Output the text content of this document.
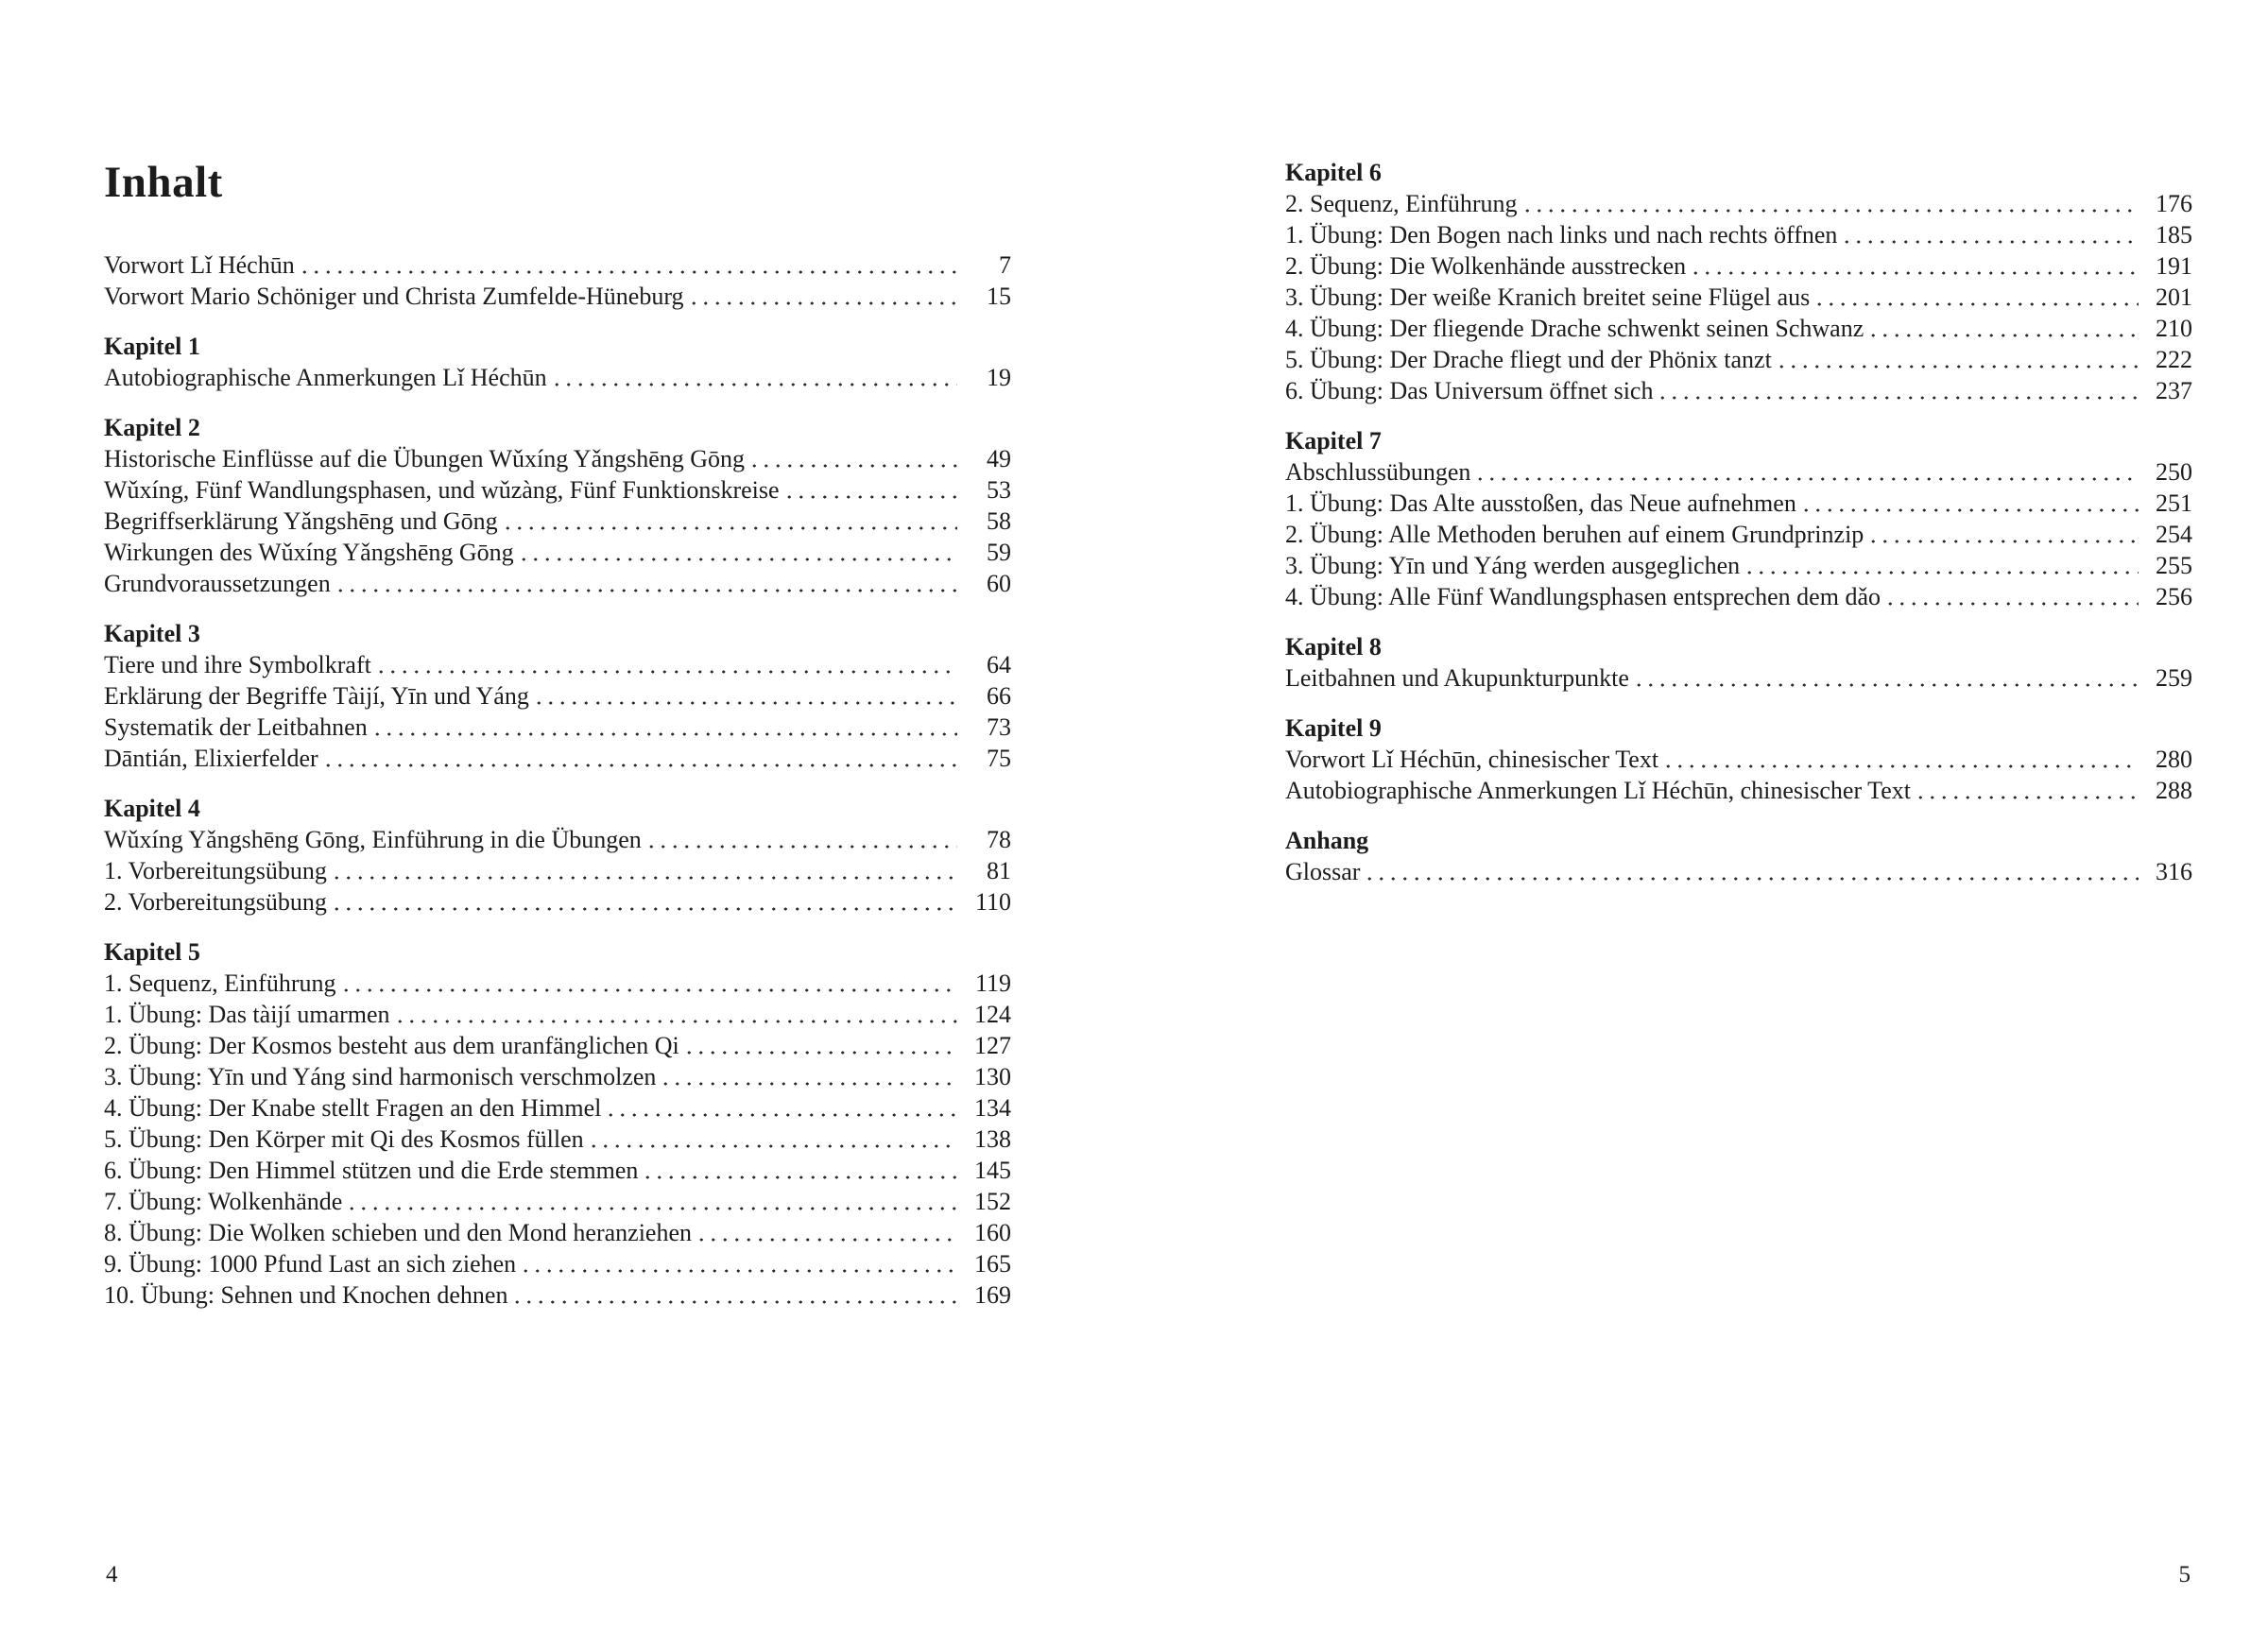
Inhalt
Vorwort Lǐ Héchūn	7
Vorwort Mario Schöniger und Christa Zumfelde-Hüneburg	15
Kapitel 1
Autobiographische Anmerkungen Lǐ Héchūn	19
Kapitel 2
Historische Einflüsse auf die Übungen Wǔxíng Yǎngshēng Gōng	49
Wǔxíng, Fünf Wandlungsphasen, und wǔzàng, Fünf Funktionskreise	53
Begriffserklärung Yǎngshēng und Gōng	58
Wirkungen des Wǔxíng Yǎngshēng Gōng	59
Grundvoraussetzungen	60
Kapitel 3
Tiere und ihre Symbolkraft	64
Erklärung der Begriffe Tàijí, Yīn und Yáng	66
Systematik der Leitbahnen	73
Dāntián, Elixierfelder	75
Kapitel 4
Wǔxíng Yǎngshēng Gōng, Einführung in die Übungen	78
1. Vorbereitungsübung	81
2. Vorbereitungsübung	110
Kapitel 5
1. Sequenz, Einführung	119
1. Übung: Das tàijí umarmen	124
2. Übung: Der Kosmos besteht aus dem uranfänglichen Qi	127
3. Übung: Yīn und Yáng sind harmonisch verschmolzen	130
4. Übung: Der Knabe stellt Fragen an den Himmel	134
5. Übung: Den Körper mit Qi des Kosmos füllen	138
6. Übung: Den Himmel stützen und die Erde stemmen	145
7. Übung: Wolkenhände	152
8. Übung: Die Wolken schieben und den Mond heranziehen	160
9. Übung: 1000 Pfund Last an sich ziehen	165
10. Übung: Sehnen und Knochen dehnen	169
Kapitel 6
2. Sequenz, Einführung	176
1. Übung: Den Bogen nach links und nach rechts öffnen	185
2. Übung: Die Wolkenhände ausstrecken	191
3. Übung: Der weiße Kranich breitet seine Flügel aus	201
4. Übung: Der fliegende Drache schwenkt seinen Schwanz	210
5. Übung: Der Drache fliegt und der Phönix tanzt	222
6. Übung: Das Universum öffnet sich	237
Kapitel 7
Abschlussübungen	250
1. Übung: Das Alte ausstoßen, das Neue aufnehmen	251
2. Übung: Alle Methoden beruhen auf einem Grundprinzip	254
3. Übung: Yīn und Yáng werden ausgeglichen	255
4. Übung: Alle Fünf Wandlungsphasen entsprechen dem dǎo	256
Kapitel 8
Leitbahnen und Akupunkturpunkte	259
Kapitel 9
Vorwort Lǐ Héchūn, chinesischer Text	280
Autobiographische Anmerkungen Lǐ Héchūn, chinesischer Text	288
Anhang
Glossar	316
4	5
